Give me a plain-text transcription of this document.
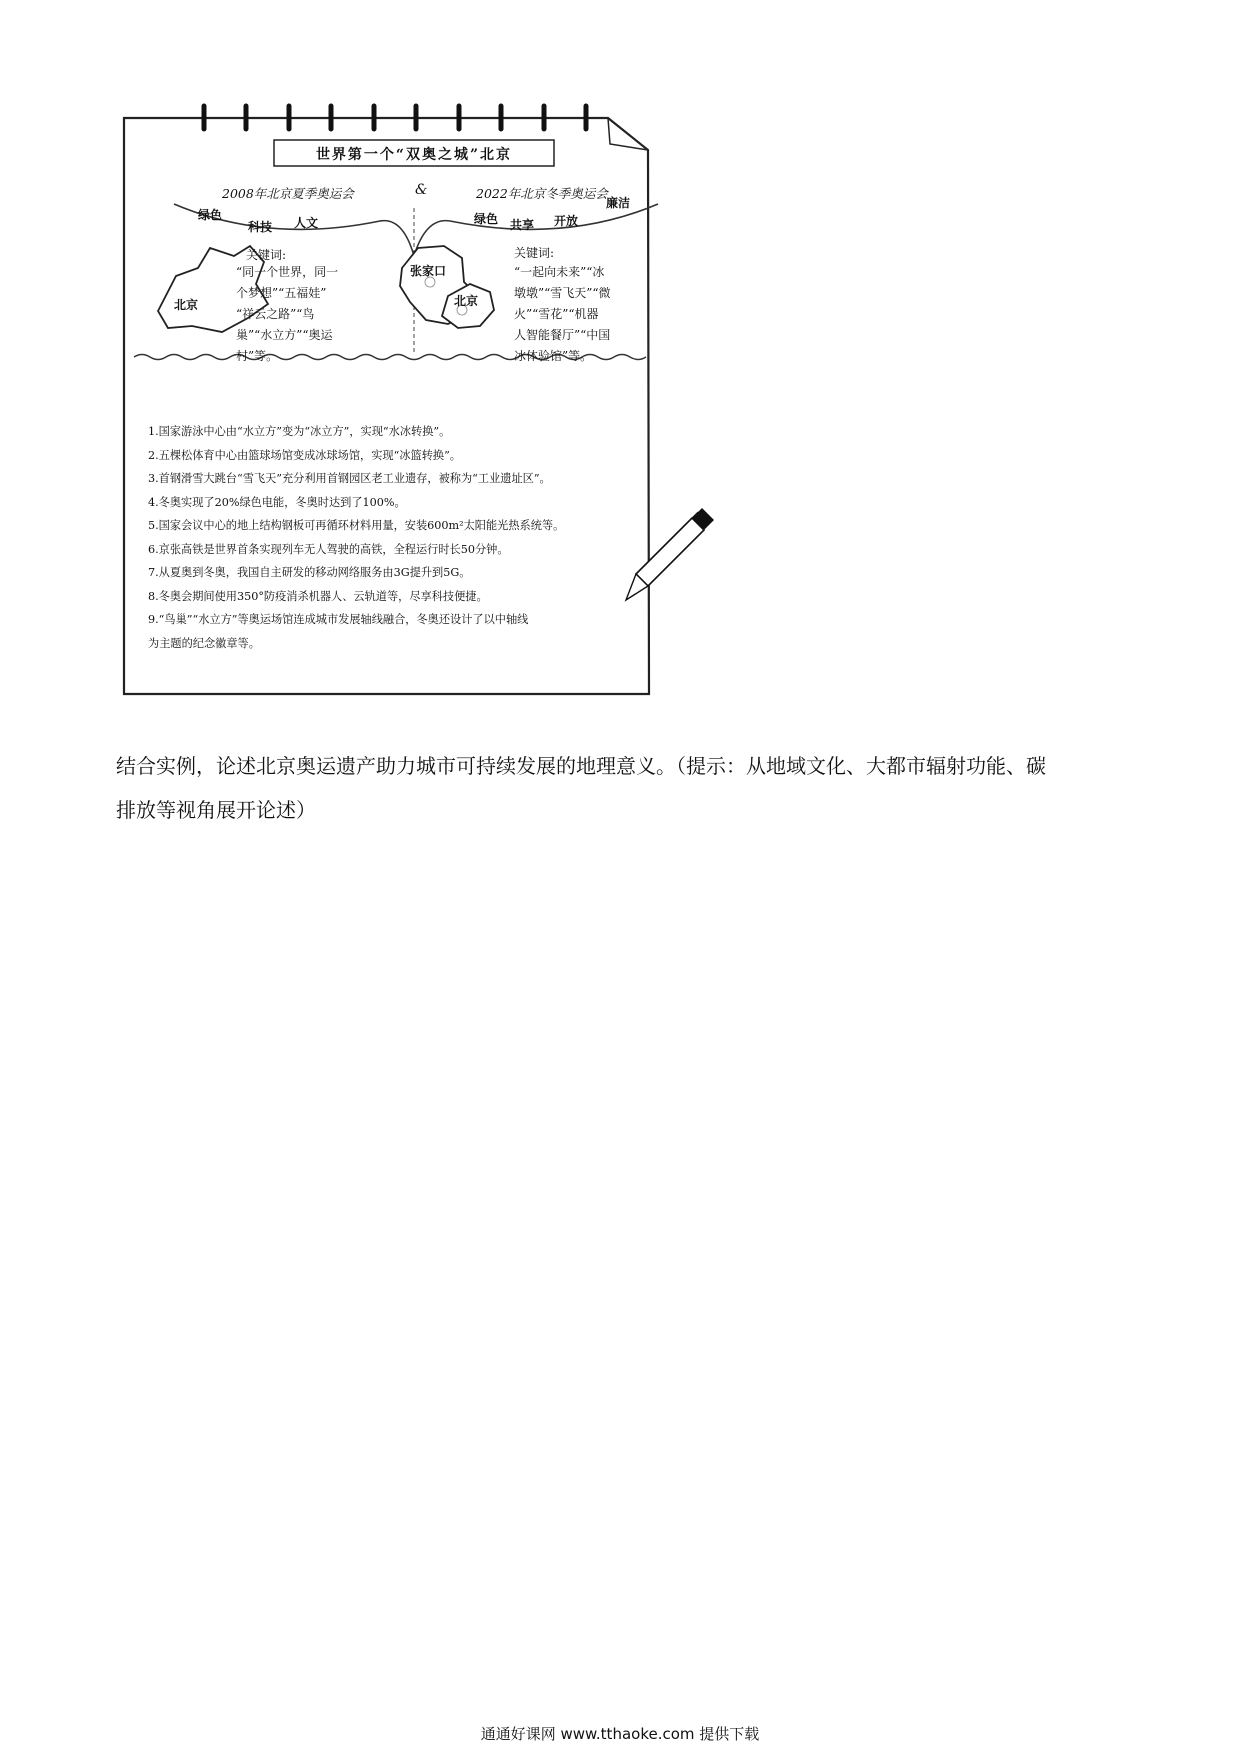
世界第一个“双奥之城”北京
2008年北京夏季奥运会	&	2022年北京冬季奥运会
绿色
科技 人文	绿色 共享 开放
廉洁
关键词:
“同一个世界，同一
个梦想”“五福娃”
“祥云之路”“鸟
巢”“水立方”“奥运
村”等。
关键词:
“一起向未来”“冰
墩墩”“雪飞天”“微
火”“雪花”“机器
人智能餐厅”“中国
冰体验馆”等。
北京
张家口
北京
1.国家游泳中心由“水立方”变为“冰立方”，实现“水冰转换”。
2.五棵松体育中心由篮球场馆变成冰球场馆，实现“冰篮转换”。
3.首钢滑雪大跳台“雪飞天”充分利用首钢园区老工业遗存，被称为“工业遗址区”。
4.冬奥实现了20%绿色电能，冬奥时达到了100%。
5.国家会议中心的地上结构钢板可再循环材料用量，安装600m²太阳能光热系统等。
6.京张高铁是世界首条实现列车无人驾驶的高铁，全程运行时长50分钟。
7.从夏奥到冬奥，我国自主研发的移动网络服务由3G提升到5G。
8.冬奥会期间使用350°防疫消杀机器人、云轨道等，尽享科技便捷。
9.“鸟巢”“水立方”等奥运场馆连成城市发展轴线融合，冬奥还设计了以中轴线
为主题的纪念徽章等。
结合实例，论述北京奥运遗产助力城市可持续发展的地理意义。（提示：从地域文化、大都市辐射功能、碳
排放等视角展开论述）
通通好课网 www.tthaoke.com 提供下载
